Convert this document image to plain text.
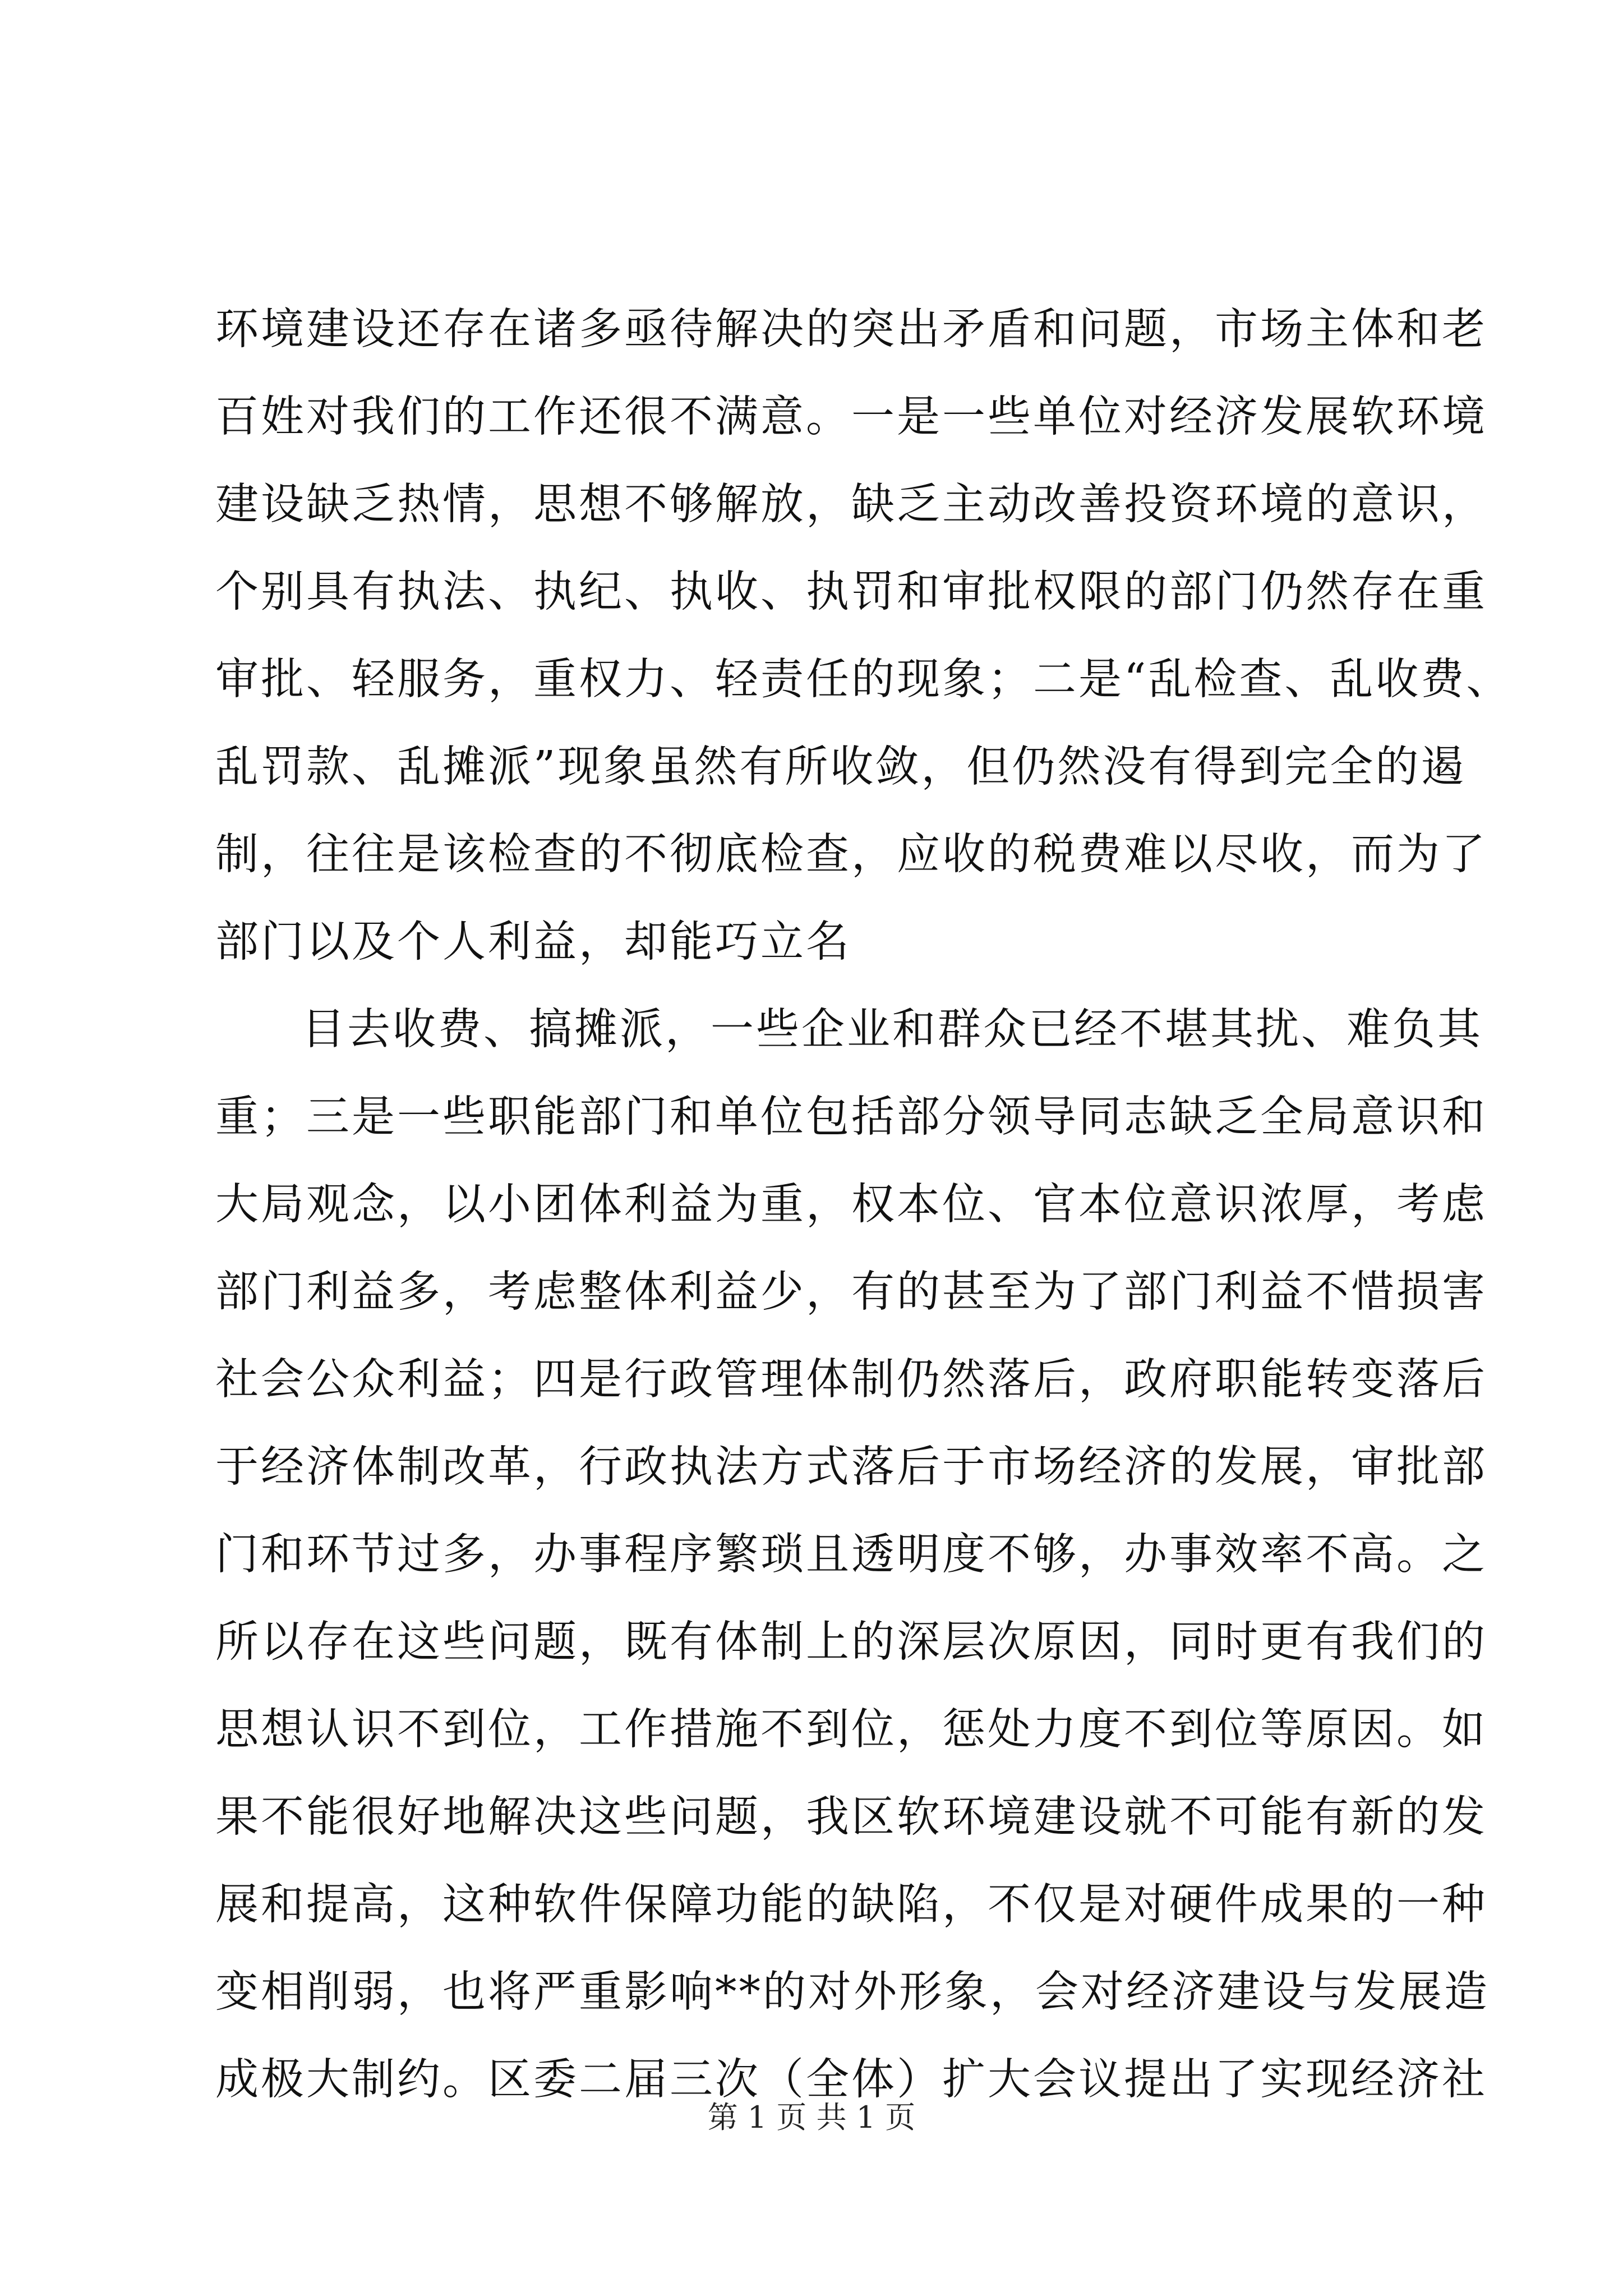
环境建设还存在诸多亟待解决的突出矛盾和问题，市场主体和老
百姓对我们的工作还很不满意。一是一些单位对经济发展软环境
建设缺乏热情，思想不够解放，缺乏主动改善投资环境的意识，
个别具有执法、执纪、执收、执罚和审批权限的部门仍然存在重
审批、轻服务，重权力、轻责任的现象；二是“乱检查、乱收费、
乱罚款、乱摊派”现象虽然有所收敛，但仍然没有得到完全的遏
制，往往是该检查的不彻底检查，应收的税费难以尽收，而为了
部门以及个人利益，却能巧立名
目去收费、搞摊派，一些企业和群众已经不堪其扰、难负其
重；三是一些职能部门和单位包括部分领导同志缺乏全局意识和
大局观念，以小团体利益为重，权本位、官本位意识浓厚，考虑
部门利益多，考虑整体利益少，有的甚至为了部门利益不惜损害
社会公众利益；四是行政管理体制仍然落后，政府职能转变落后
于经济体制改革，行政执法方式落后于市场经济的发展，审批部
门和环节过多，办事程序繁琐且透明度不够，办事效率不高。之
所以存在这些问题，既有体制上的深层次原因，同时更有我们的
思想认识不到位，工作措施不到位，惩处力度不到位等原因。如
果不能很好地解决这些问题，我区软环境建设就不可能有新的发
展和提高，这种软件保障功能的缺陷，不仅是对硬件成果的一种
变相削弱，也将严重影响**的对外形象，会对经济建设与发展造
成极大制约。区委二届三次（全体）扩大会议提出了实现经济社
第 1 页 共 1 页
